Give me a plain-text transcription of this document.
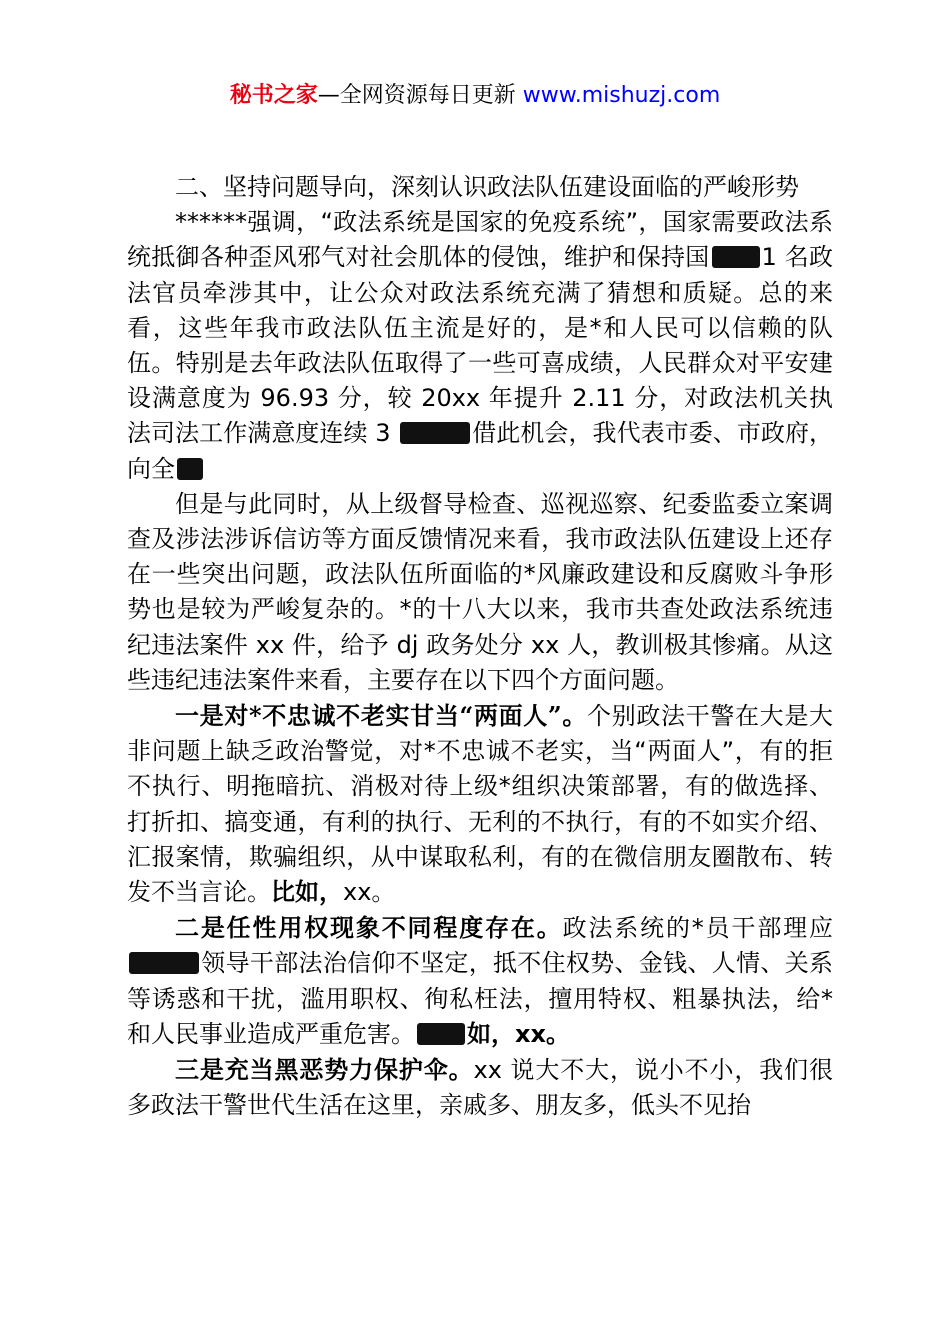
秘书之家—全网资源每日更新 www.mishuzj.com

二、坚持问题导向，深刻认识政法队伍建设面临的严峻形势

******强调，“政法系统是国家的免疫系统”，国家需要政法系统抵御各种歪风邪气对社会肌体的侵蚀，维护和保持国 1 名政法官员牵涉其中，让公众对政法系统充满了猜想和质疑。总的来看，这些年我市政法队伍主流是好的，是*和人民可以信赖的队伍。特别是去年政法队伍取得了一些可喜成绩，人民群众对平安建设满意度为 96.93 分，较 20xx 年提升 2.11 分，对政法机关执法司法工作满意度连续 3	借此机会，我代表市委、市政府，向全

但是与此同时，从上级督导检查、巡视巡察、纪委监委立案调查及涉法涉诉信访等方面反馈情况来看，我市政法队伍建设上还存在一些突出问题，政法队伍所面临的*风廉政建设和反腐败斗争形势也是较为严峻复杂的。*的十八大以来，我市共查处政法系统违纪违法案件 xx 件，给予 dj 政务处分 xx 人，教训极其惨痛。从这些违纪违法案件来看，主要存在以下四个方面问题。

一是对*不忠诚不老实甘当“两面人”。个别政法干警在大是大非问题上缺乏政治警觉，对*不忠诚不老实，当“两面人”，有的拒不执行、明拖暗抗、消极对待上级*组织决策部署，有的做选择、打折扣、搞变通，有利的执行、无利的不执行，有的不如实介绍、汇报案情，欺骗组织，从中谋取私利，有的在微信朋友圈散布、转发不当言论。比如，xx。

二是任性用权现象不同程度存在。政法系统的*员干部理应领导干部法治信仰不坚定，抵不住权势、金钱、人情、关系等诱惑和干扰，滥用职权、徇私枉法，擅用特权、粗暴执法，给*和人民事业造成严重危害。 如，xx。

三是充当黑恶势力保护伞。xx 说大不大，说小不小，我们很多政法干警世代生活在这里，亲戚多、朋友多，低头不见抬
